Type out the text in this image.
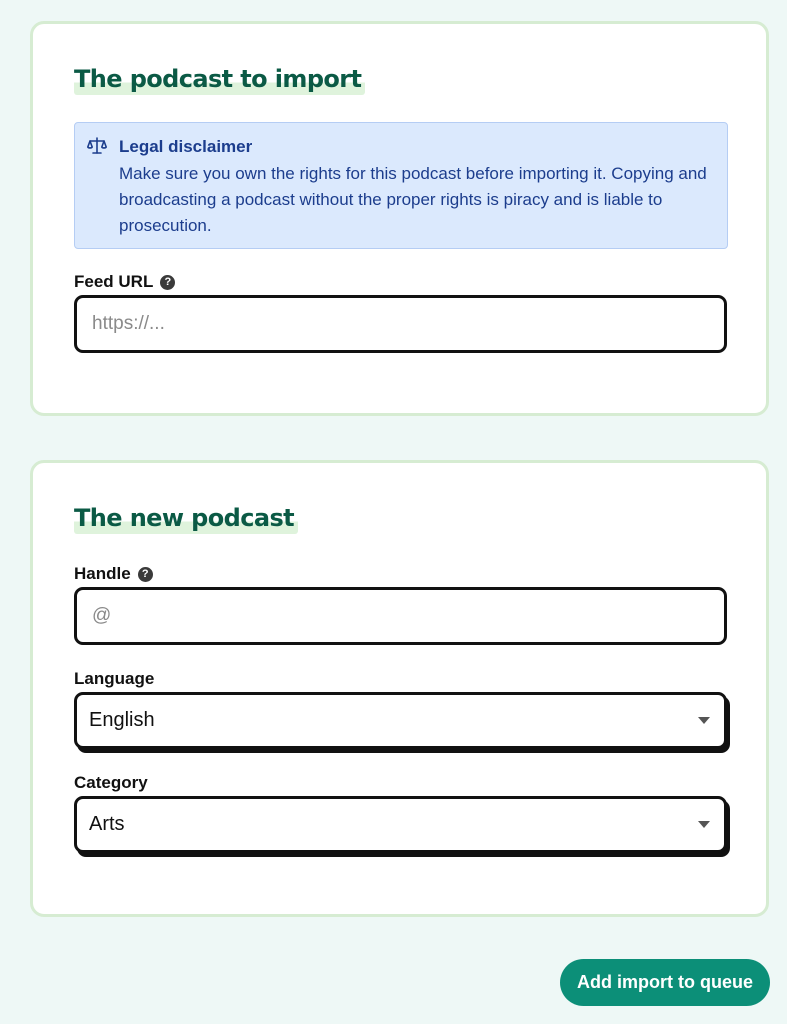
The podcast to import
Legal disclaimer
Make sure you own the rights for this podcast before importing it. Copying and broadcasting a podcast without the proper rights is piracy and is liable to prosecution.
Feed URL	?
https://...
The new podcast
Handle	?
@
Language
English
Category
Arts
Add import to queue
